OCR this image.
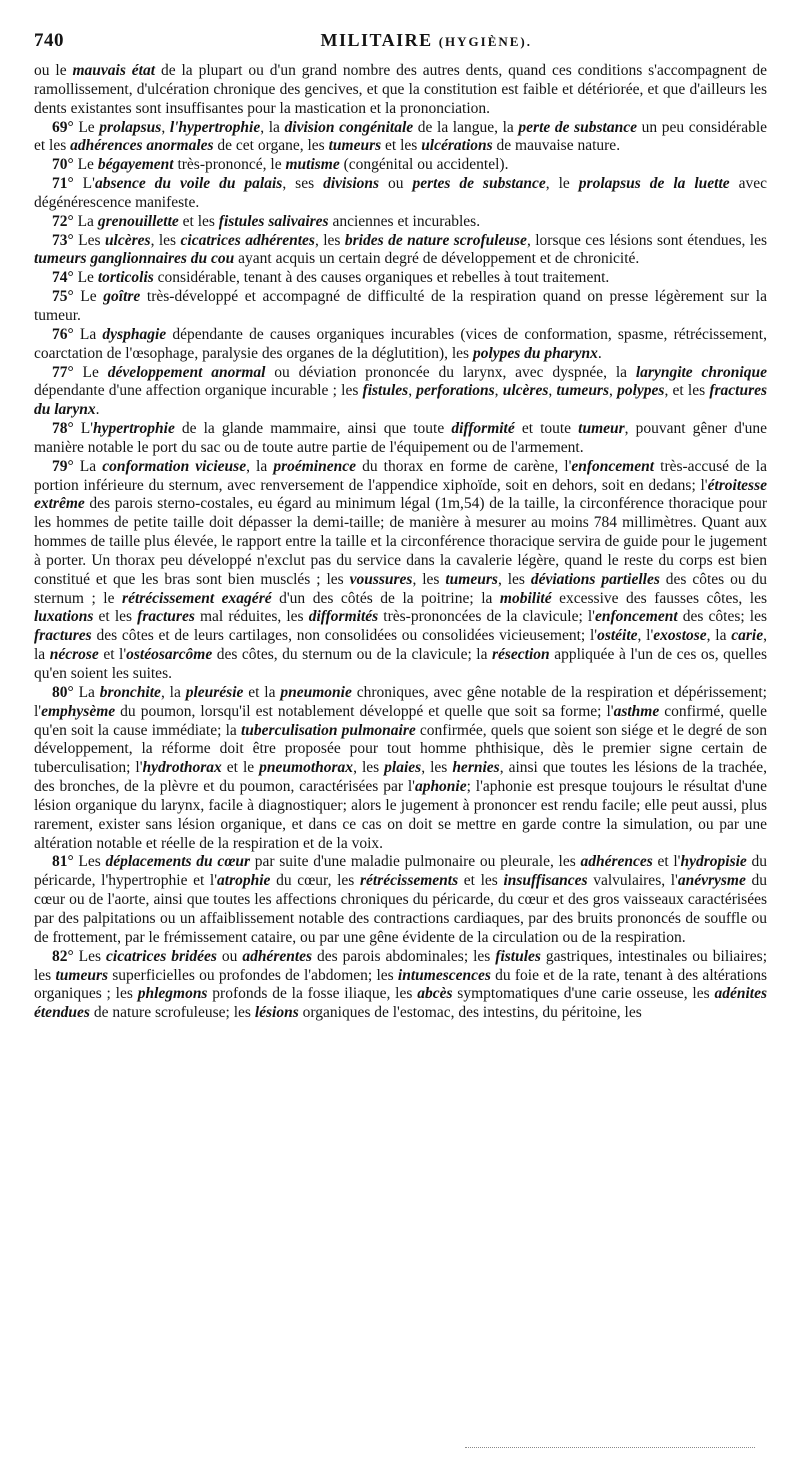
740	MILITAIRE (HYGIÈNE).

ou le mauvais état de la plupart ou d'un grand nombre des autres dents, quand ces conditions s'accompagnent de ramollissement, d'ulcération chronique des gencives, et que la constitution est faible et détériorée, et que d'ailleurs les dents existantes sont insuffisantes pour la mastication et la prononciation.

69° Le prolapsus, l'hypertrophie, la division congénitale de la langue, la perte de substance un peu considérable et les adhérences anormales de cet organe, les tumeurs et les ulcérations de mauvaise nature.

70° Le bégayement très-prononcé, le mutisme (congénital ou accidentel).

71° L'absence du voile du palais, ses divisions ou pertes de substance, le prolapsus de la luette avec dégénérescence manifeste.

72° La grenouillette et les fistules salivaires anciennes et incurables.

73° Les ulcères, les cicatrices adhérentes, les brides de nature scrofuleuse, lorsque ces lésions sont étendues, les tumeurs ganglionnaires du cou ayant acquis un certain degré de développement et de chronicité.

74° Le torticolis considérable, tenant à des causes organiques et rebelles à tout traitement.

75° Le goître très-développé et accompagné de difficulté de la respiration quand on presse légèrement sur la tumeur.

76° La dysphagie dépendante de causes organiques incurables (vices de conformation, spasme, rétrécissement, coarctation de l'œsophage, paralysie des organes de la déglutition), les polypes du pharynx.

77° Le développement anormal ou déviation prononcée du larynx, avec dyspnée, la laryngite chronique dépendante d'une affection organique incurable ; les fistules, perforations, ulcères, tumeurs, polypes, et les fractures du larynx.

78° L'hypertrophie de la glande mammaire, ainsi que toute difformité et toute tumeur, pouvant gêner d'une manière notable le port du sac ou de toute autre partie de l'équipement ou de l'armement.

79° La conformation vicieuse, la proéminence du thorax en forme de carène, l'enfoncement très-accusé de la portion inférieure du sternum, avec renversement de l'appendice xiphoïde, soit en dehors, soit en dedans; l'étroitesse extrême des parois sterno-costales, eu égard au minimum légal (1m,54) de la taille, la circonférence thoracique pour les hommes de petite taille doit dépasser la demi-taille; de manière à mesurer au moins 784 millimètres. Quant aux hommes de taille plus élevée, le rapport entre la taille et la circonférence thoracique servira de guide pour le jugement à porter. Un thorax peu développé n'exclut pas du service dans la cavalerie légère, quand le reste du corps est bien constitué et que les bras sont bien musclés ; les voussures, les tumeurs, les déviations partielles des côtes ou du sternum ; le rétrécissement exagéré d'un des côtés de la poitrine; la mobilité excessive des fausses côtes, les luxations et les fractures mal réduites, les difformités très-prononcées de la clavicule; l'enfoncement des côtes; les fractures des côtes et de leurs cartilages, non consolidées ou consolidées vicieusement; l'ostéite, l'exostose, la carie, la nécrose et l'ostéosarcôme des côtes, du sternum ou de la clavicule; la résection appliquée à l'un de ces os, quelles qu'en soient les suites.

80° La bronchite, la pleurésie et la pneumonie chroniques, avec gêne notable de la respiration et dépérissement; l'emphysème du poumon, lorsqu'il est notablement développé et quelle que soit sa forme; l'asthme confirmé, quelle qu'en soit la cause immédiate; la tuberculisation pulmonaire confirmée, quels que soient son siége et le degré de son développement, la réforme doit être proposée pour tout homme phthisique, dès le premier signe certain de tuberculisation; l'hydrothorax et le pneumothorax, les plaies, les hernies, ainsi que toutes les lésions de la trachée, des bronches, de la plèvre et du poumon, caractérisées par l'aphonie; l'aphonie est presque toujours le résultat d'une lésion organique du larynx, facile à diagnostiquer; alors le jugement à prononcer est rendu facile; elle peut aussi, plus rarement, exister sans lésion organique, et dans ce cas on doit se mettre en garde contre la simulation, ou par une altération notable et réelle de la respiration et de la voix.

81° Les déplacements du cœur par suite d'une maladie pulmonaire ou pleurale, les adhérences et l'hydropisie du péricarde, l'hypertrophie et l'atrophie du cœur, les rétrécissements et les insuffisances valvulaires, l'anévrysme du cœur ou de l'aorte, ainsi que toutes les affections chroniques du péricarde, du cœur et des gros vaisseaux caractérisées par des palpitations ou un affaiblissement notable des contractions cardiaques, par des bruits prononcés de souffle ou de frottement, par le frémissement cataire, ou par une gêne évidente de la circulation ou de la respiration.

82° Les cicatrices bridées ou adhérentes des parois abdominales; les fistules gastriques, intestinales ou biliaires; les tumeurs superficielles ou profondes de l'abdomen; les intumescences du foie et de la rate, tenant à des altérations organiques ; les phlegmons profonds de la fosse iliaque, les abcès symptomatiques d'une carie osseuse, les adénites étendues de nature scrofuleuse; les lésions organiques de l'estomac, des intestins, du péritoine, les
